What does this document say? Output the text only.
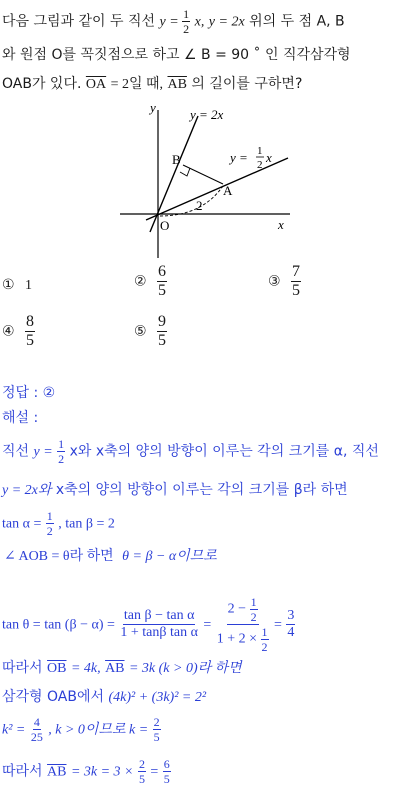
다음 그림과 같이 두 직선 $y = \frac{1}{2} x$, y = 2x 위의 두 점 A, B
와 원점 O를 꼭짓점으로 하고 ∠ B = 90 ˚ 인 직각삼각형
OAB가 있다. $\overline{OA} = 2$일 때, $\overline{AB}$ 의 길이를 구하면?
y
x
O
y = 2x
y = 1
2 x
A
B
2
① 1	② $\frac{6}{5}$	③ $\frac{7}{5}$
④ $\frac{8}{5}$	⑤ $\frac{9}{5}$
정답 : ②
해설 :
직선 $y = \frac{1}{2}$ x와 x축의 양의 방향이 이루는 각의 크기를 α, 직선
y = 2x와 x축의 양의 방향이 이루는 각의 크기를 β라 하면
$\tan \alpha = \frac{1}{2}$ , tan β = 2
∠ AOB = θ라 하면 θ = β − α이므로
$\tan \theta = \tan (\beta - \alpha) = \frac{\text{tan β − tan α}}{\text{1 + tanβ tan α}} = \frac{2 - \frac{1}{2}}{1 + 2 \times \frac{1}{2}} = \frac{3}{4}$
따라서 $\overline{OB} = 4k$, $\overline{AB} = 3k$ (k > 0)라 하면
삼각형 OAB에서 (4k)² + (3k)² = 2²
$k^2 = \frac{4}{25}$ , k > 0이므로 $k = \frac{2}{5}$
따라서 $\overline{AB} = 3k = 3 \times \frac{2}{5} = \frac{6}{5}$
